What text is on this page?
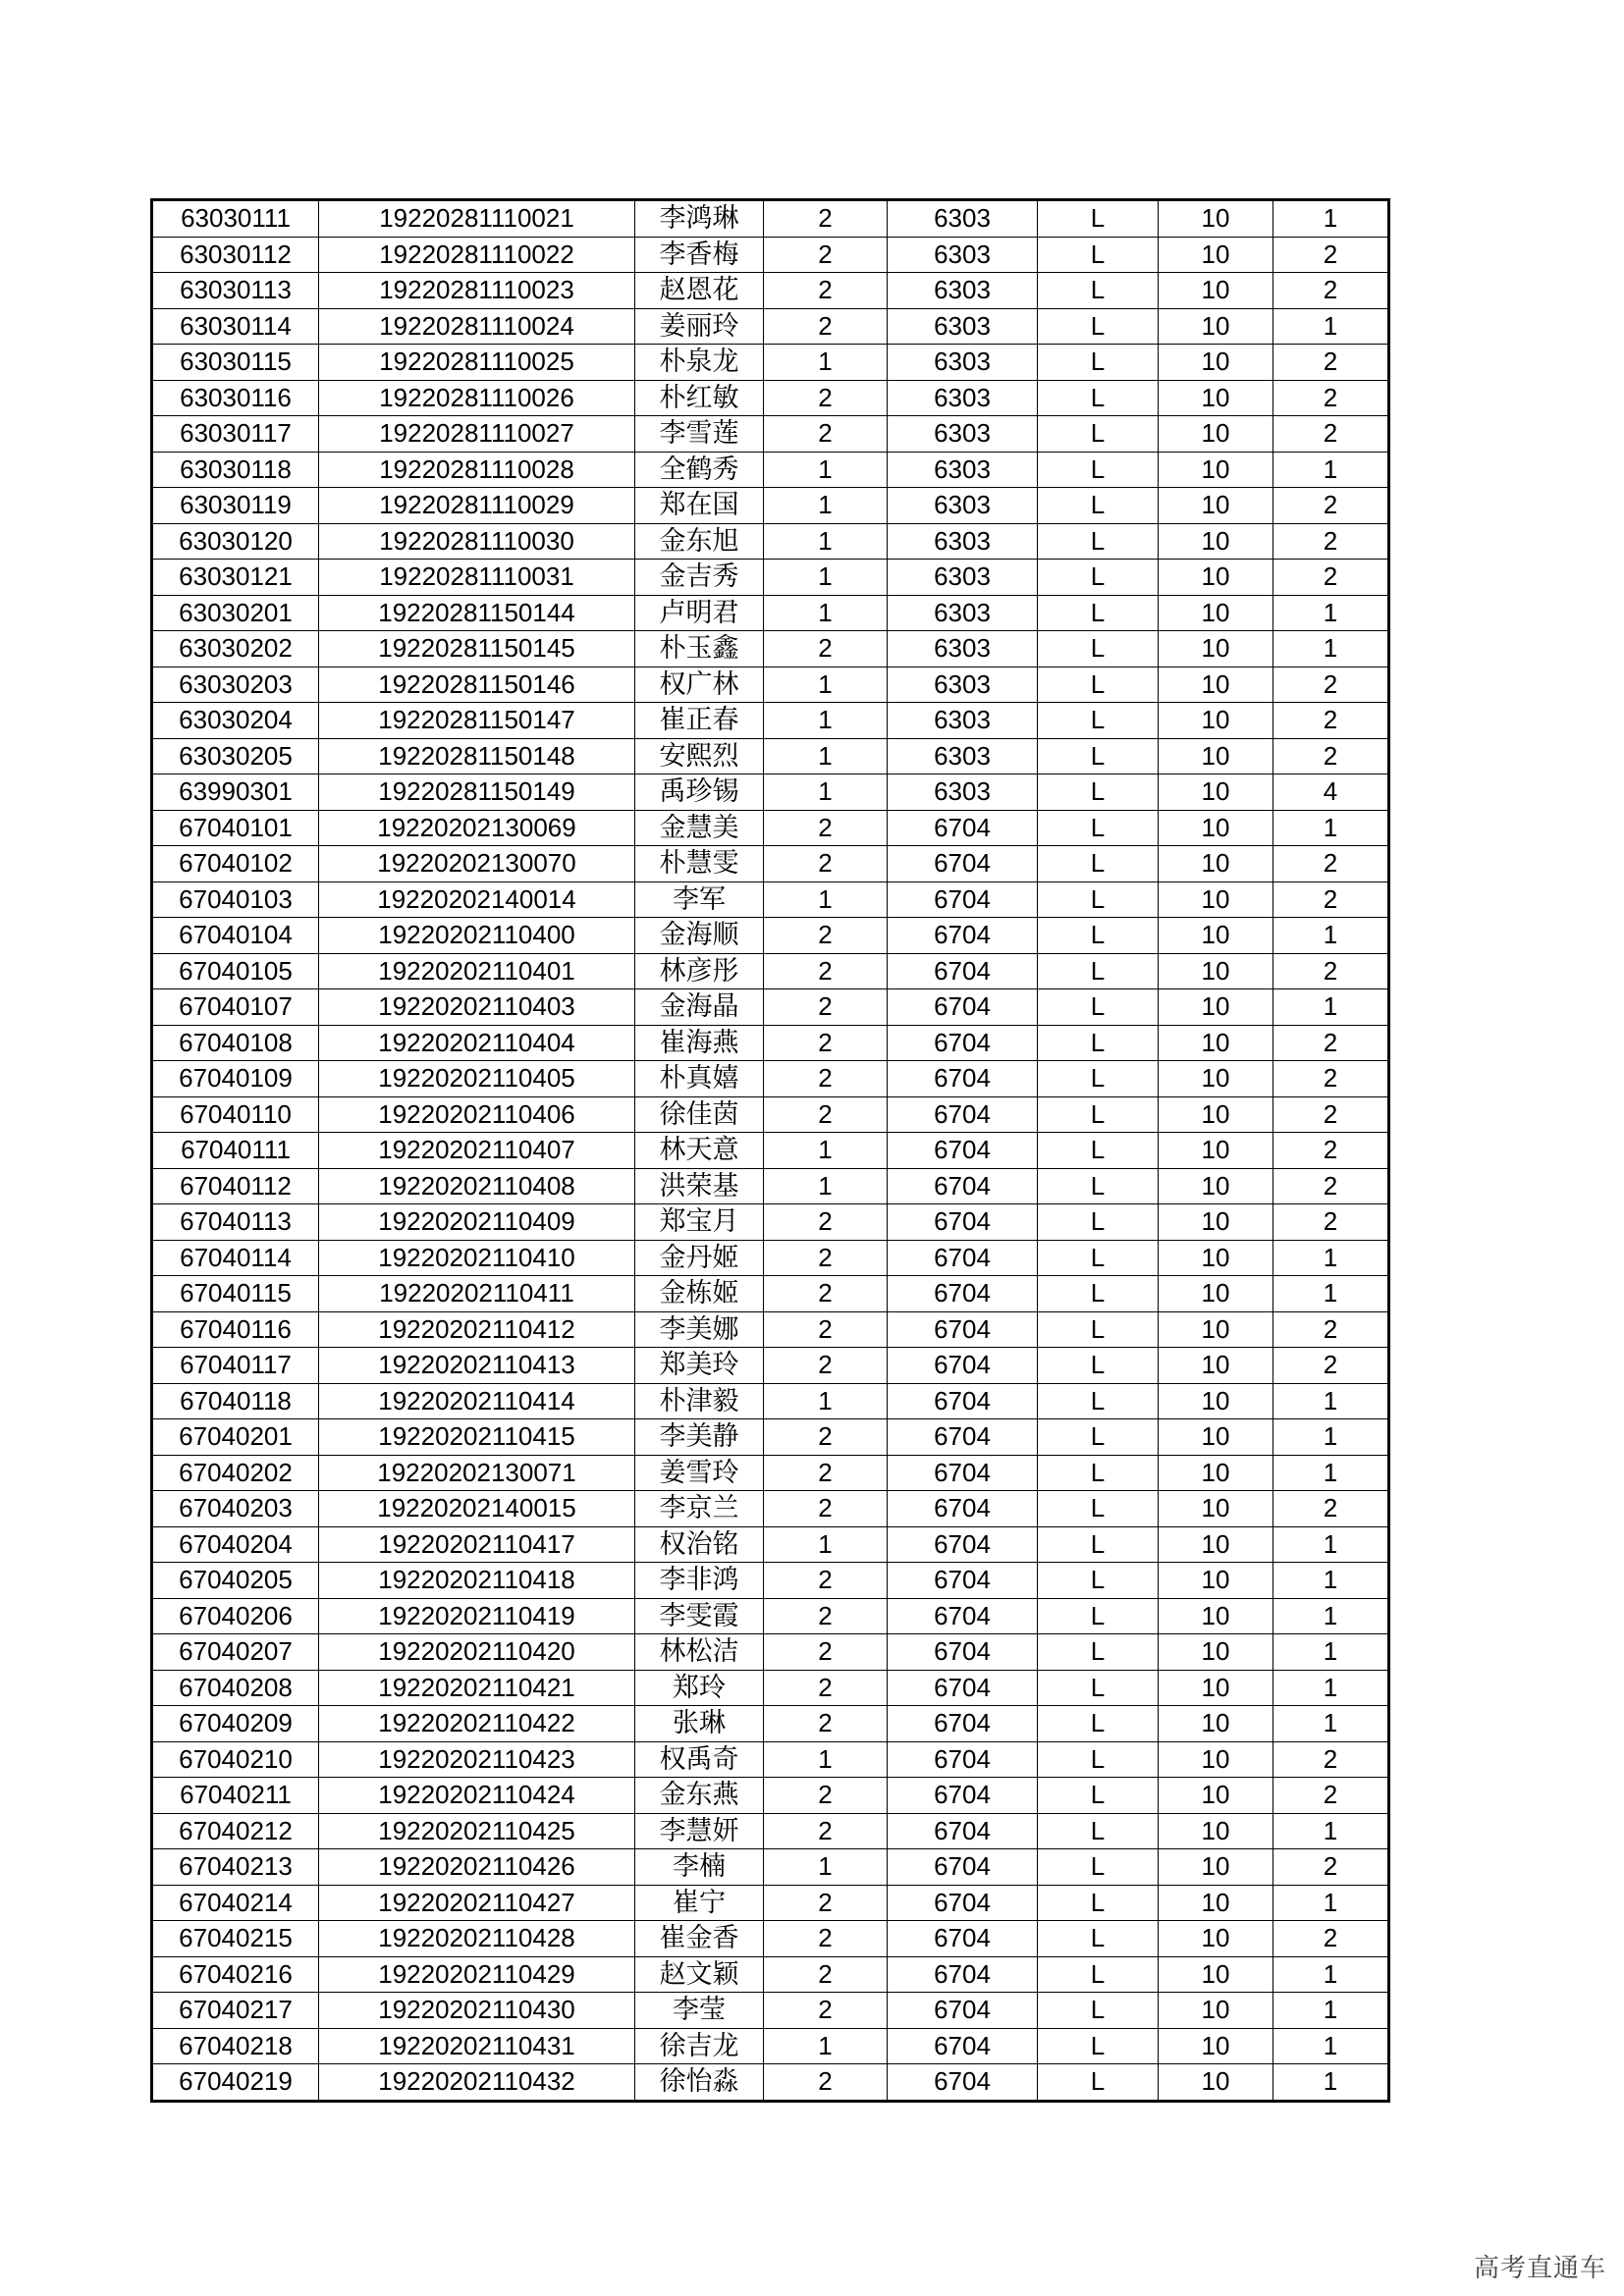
63030111	19220281110021	李鸿琳	2	6303	L	10	1
63030112	19220281110022	李香梅	2	6303	L	10	2
63030113	19220281110023	赵恩花	2	6303	L	10	2
63030114	19220281110024	姜丽玲	2	6303	L	10	1
63030115	19220281110025	朴泉龙	1	6303	L	10	2
63030116	19220281110026	朴红敏	2	6303	L	10	2
63030117	19220281110027	李雪莲	2	6303	L	10	2
63030118	19220281110028	全鹤秀	1	6303	L	10	1
63030119	19220281110029	郑在国	1	6303	L	10	2
63030120	19220281110030	金东旭	1	6303	L	10	2
63030121	19220281110031	金吉秀	1	6303	L	10	2
63030201	19220281150144	卢明君	1	6303	L	10	1
63030202	19220281150145	朴玉鑫	2	6303	L	10	1
63030203	19220281150146	权广林	1	6303	L	10	2
63030204	19220281150147	崔正春	1	6303	L	10	2
63030205	19220281150148	安熙烈	1	6303	L	10	2
63990301	19220281150149	禹珍锡	1	6303	L	10	4
67040101	19220202130069	金慧美	2	6704	L	10	1
67040102	19220202130070	朴慧雯	2	6704	L	10	2
67040103	19220202140014	李军	1	6704	L	10	2
67040104	19220202110400	金海顺	2	6704	L	10	1
67040105	19220202110401	林彦彤	2	6704	L	10	2
67040107	19220202110403	金海晶	2	6704	L	10	1
67040108	19220202110404	崔海燕	2	6704	L	10	2
67040109	19220202110405	朴真嬉	2	6704	L	10	2
67040110	19220202110406	徐佳茵	2	6704	L	10	2
67040111	19220202110407	林天意	1	6704	L	10	2
67040112	19220202110408	洪荣基	1	6704	L	10	2
67040113	19220202110409	郑宝月	2	6704	L	10	2
67040114	19220202110410	金丹姬	2	6704	L	10	1
67040115	19220202110411	金栋姬	2	6704	L	10	1
67040116	19220202110412	李美娜	2	6704	L	10	2
67040117	19220202110413	郑美玲	2	6704	L	10	2
67040118	19220202110414	朴津毅	1	6704	L	10	1
67040201	19220202110415	李美静	2	6704	L	10	1
67040202	19220202130071	姜雪玲	2	6704	L	10	1
67040203	19220202140015	李京兰	2	6704	L	10	2
67040204	19220202110417	权治铭	1	6704	L	10	1
67040205	19220202110418	李非鸿	2	6704	L	10	1
67040206	19220202110419	李雯霞	2	6704	L	10	1
67040207	19220202110420	林松洁	2	6704	L	10	1
67040208	19220202110421	郑玲	2	6704	L	10	1
67040209	19220202110422	张琳	2	6704	L	10	1
67040210	19220202110423	权禹奇	1	6704	L	10	2
67040211	19220202110424	金东燕	2	6704	L	10	2
67040212	19220202110425	李慧妍	2	6704	L	10	1
67040213	19220202110426	李楠	1	6704	L	10	2
67040214	19220202110427	崔宁	2	6704	L	10	1
67040215	19220202110428	崔金香	2	6704	L	10	2
67040216	19220202110429	赵文颖	2	6704	L	10	1
67040217	19220202110430	李莹	2	6704	L	10	1
67040218	19220202110431	徐吉龙	1	6704	L	10	1
67040219	19220202110432	徐怡淼	2	6704	L	10	1
高考直通车
